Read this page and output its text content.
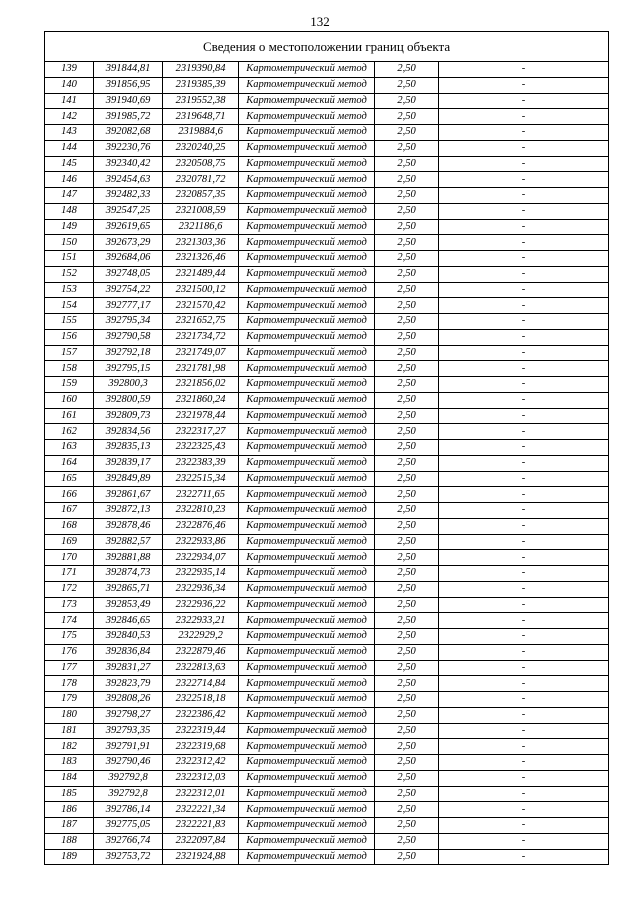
132
Сведения о местоположении границ объекта					
139	391844,81	2319390,84	Картометрический метод	2,50	-
140	391856,95	2319385,39	Картометрический метод	2,50	-
141	391940,69	2319552,38	Картометрический метод	2,50	-
142	391985,72	2319648,71	Картометрический метод	2,50	-
143	392082,68	2319884,6	Картометрический метод	2,50	-
144	392230,76	2320240,25	Картометрический метод	2,50	-
145	392340,42	2320508,75	Картометрический метод	2,50	-
146	392454,63	2320781,72	Картометрический метод	2,50	-
147	392482,33	2320857,35	Картометрический метод	2,50	-
148	392547,25	2321008,59	Картометрический метод	2,50	-
149	392619,65	2321186,6	Картометрический метод	2,50	-
150	392673,29	2321303,36	Картометрический метод	2,50	-
151	392684,06	2321326,46	Картометрический метод	2,50	-
152	392748,05	2321489,44	Картометрический метод	2,50	-
153	392754,22	2321500,12	Картометрический метод	2,50	-
154	392777,17	2321570,42	Картометрический метод	2,50	-
155	392795,34	2321652,75	Картометрический метод	2,50	-
156	392790,58	2321734,72	Картометрический метод	2,50	-
157	392792,18	2321749,07	Картометрический метод	2,50	-
158	392795,15	2321781,98	Картометрический метод	2,50	-
159	392800,3	2321856,02	Картометрический метод	2,50	-
160	392800,59	2321860,24	Картометрический метод	2,50	-
161	392809,73	2321978,44	Картометрический метод	2,50	-
162	392834,56	2322317,27	Картометрический метод	2,50	-
163	392835,13	2322325,43	Картометрический метод	2,50	-
164	392839,17	2322383,39	Картометрический метод	2,50	-
165	392849,89	2322515,34	Картометрический метод	2,50	-
166	392861,67	2322711,65	Картометрический метод	2,50	-
167	392872,13	2322810,23	Картометрический метод	2,50	-
168	392878,46	2322876,46	Картометрический метод	2,50	-
169	392882,57	2322933,86	Картометрический метод	2,50	-
170	392881,88	2322934,07	Картометрический метод	2,50	-
171	392874,73	2322935,14	Картометрический метод	2,50	-
172	392865,71	2322936,34	Картометрический метод	2,50	-
173	392853,49	2322936,22	Картометрический метод	2,50	-
174	392846,65	2322933,21	Картометрический метод	2,50	-
175	392840,53	2322929,2	Картометрический метод	2,50	-
176	392836,84	2322879,46	Картометрический метод	2,50	-
177	392831,27	2322813,63	Картометрический метод	2,50	-
178	392823,79	2322714,84	Картометрический метод	2,50	-
179	392808,26	2322518,18	Картометрический метод	2,50	-
180	392798,27	2322386,42	Картометрический метод	2,50	-
181	392793,35	2322319,44	Картометрический метод	2,50	-
182	392791,91	2322319,68	Картометрический метод	2,50	-
183	392790,46	2322312,42	Картометрический метод	2,50	-
184	392792,8	2322312,03	Картометрический метод	2,50	-
185	392792,8	2322312,01	Картометрический метод	2,50	-
186	392786,14	2322221,34	Картометрический метод	2,50	-
187	392775,05	2322221,83	Картометрический метод	2,50	-
188	392766,74	2322097,84	Картометрический метод	2,50	-
189	392753,72	2321924,88	Картометрический метод	2,50	-
